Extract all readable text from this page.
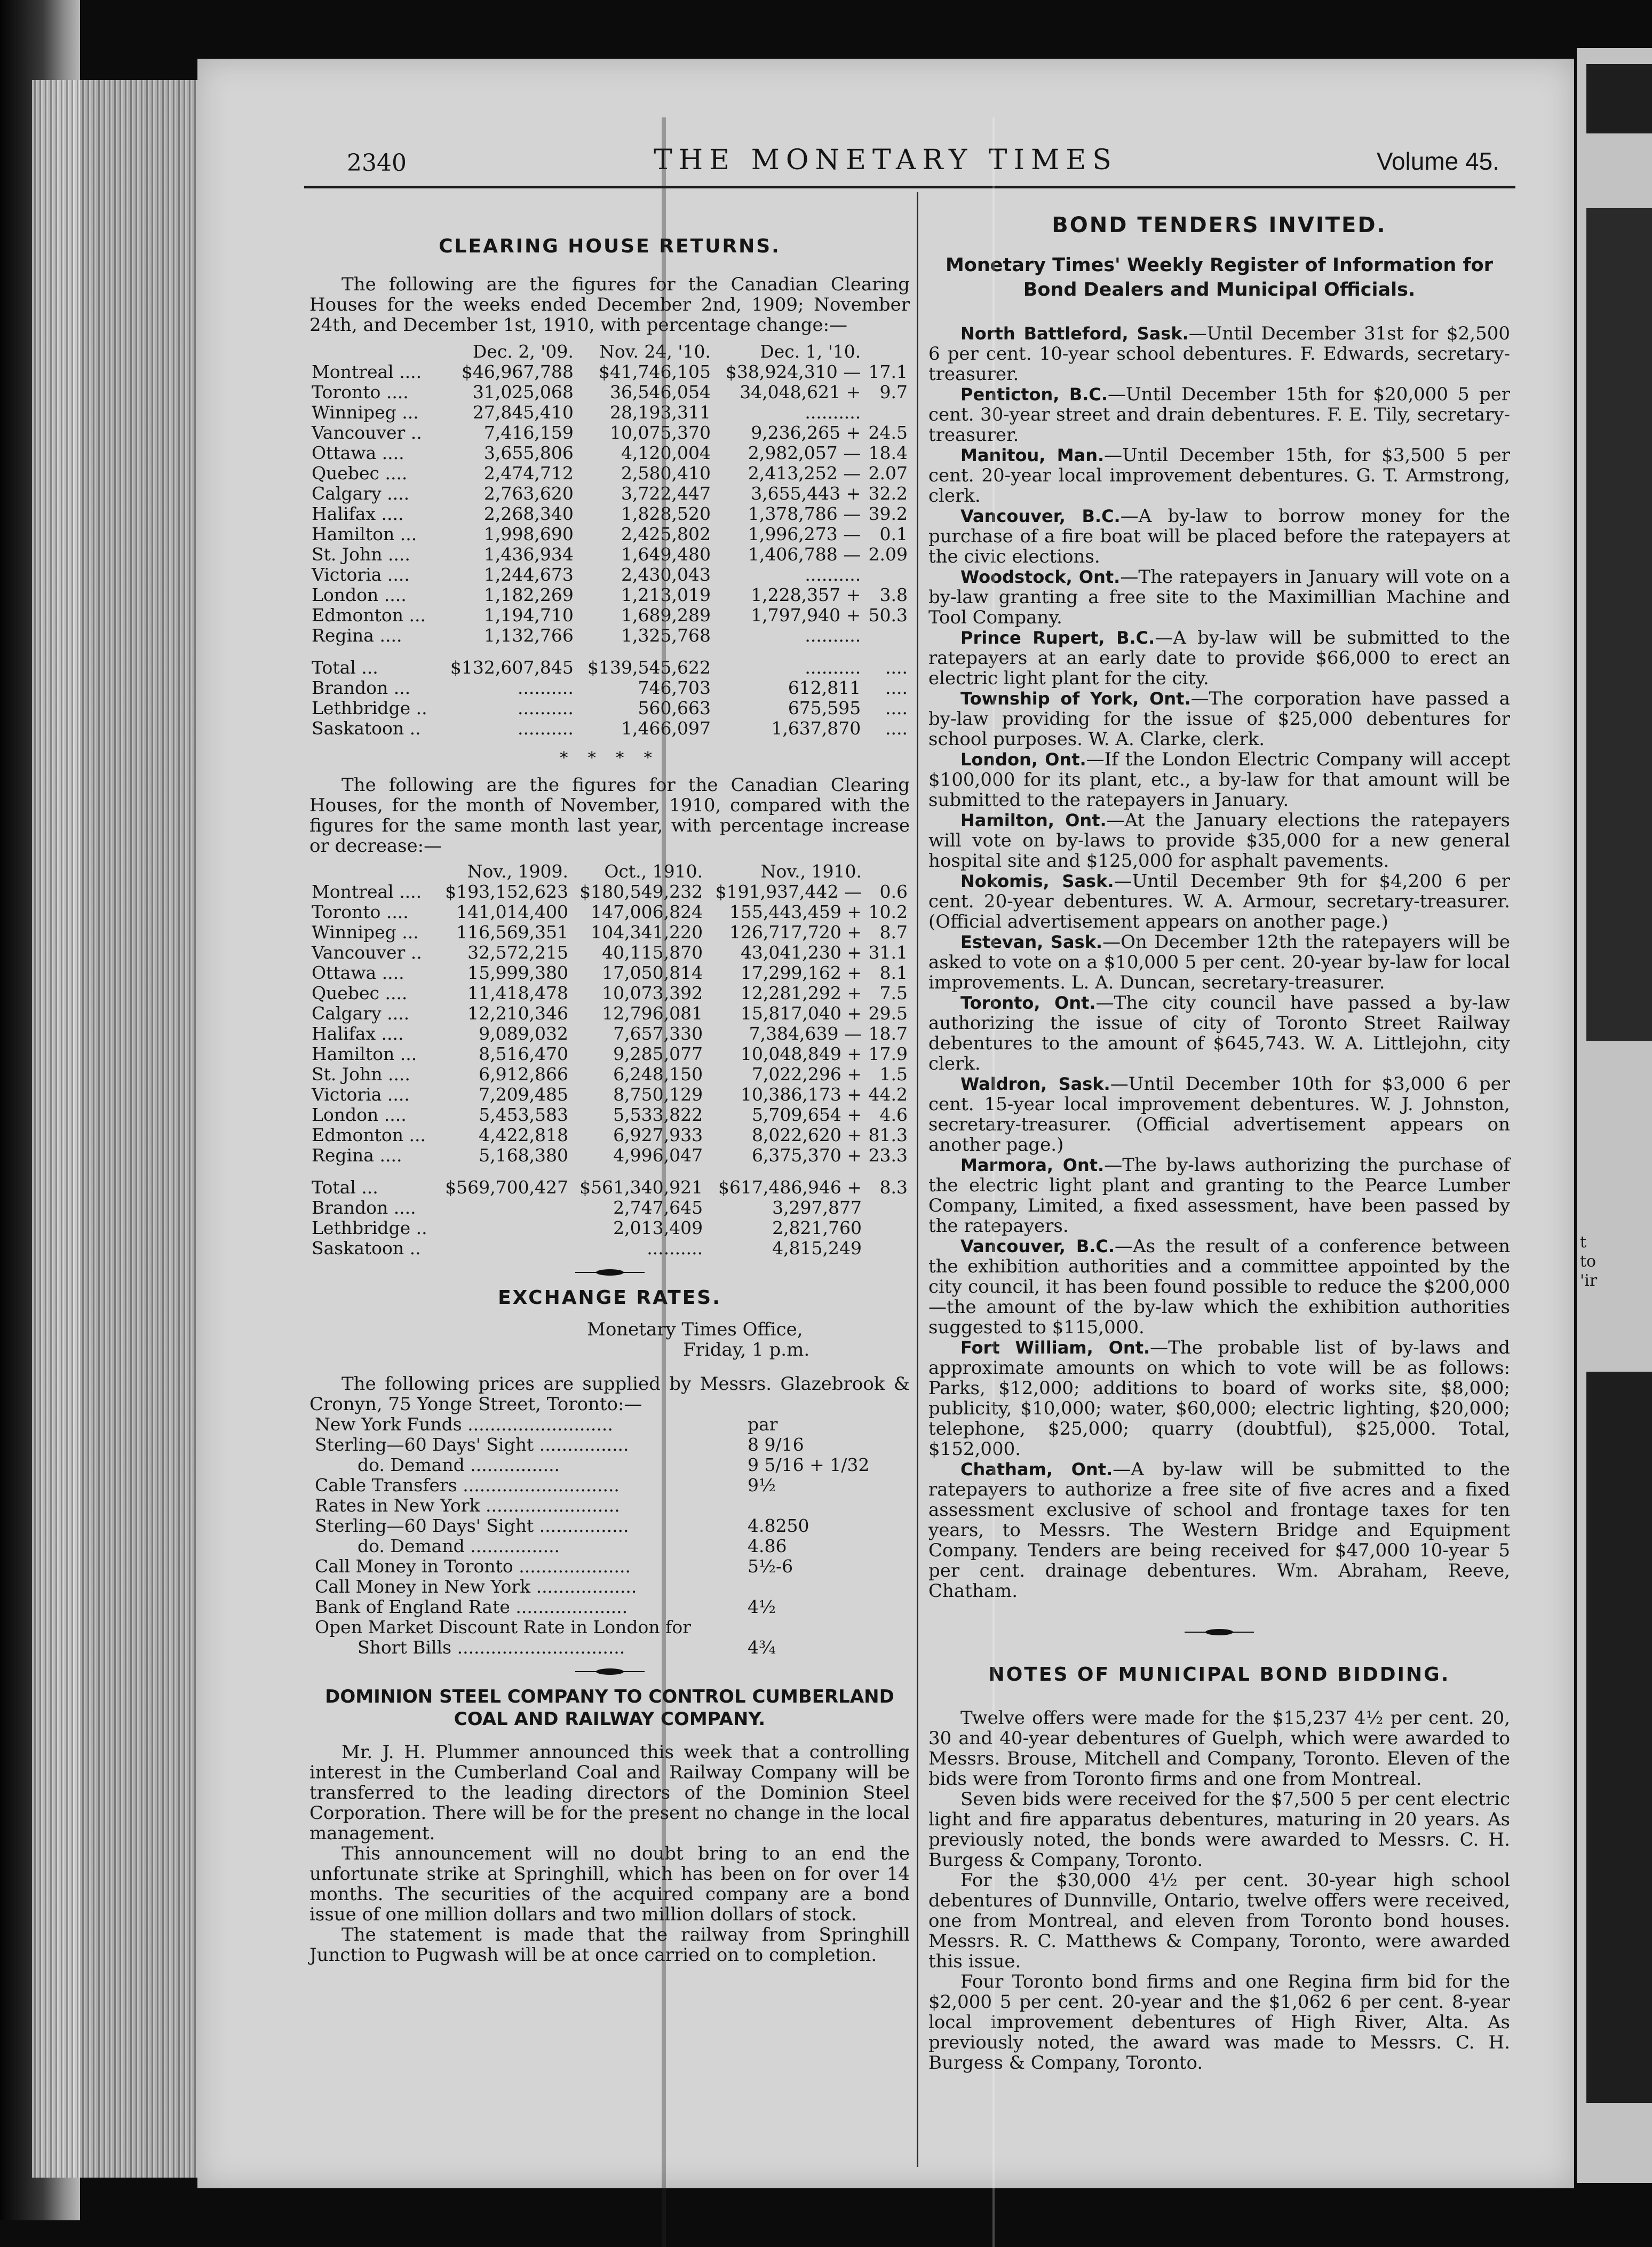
t
to
'ir
2340	THE MONETARY TIMES	Volume 45.
CLEARING HOUSE RETURNS.

The following are the figures for the Canadian Clearing Houses for the weeks ended December 2nd, 1909; November 24th, and December 1st, 1910, with percentage change:—

	Dec. 2, '09.	Nov. 24, '10.	Dec. 1, '10.	
Montreal ....	$46,967,788	$41,746,105	$38,924,310 —	17.1
Toronto ....	31,025,068	36,546,054	34,048,621 +	9.7
Winnipeg ...	27,845,410	28,193,311	..........	
Vancouver ..	7,416,159	10,075,370	9,236,265 +	24.5
Ottawa ....	3,655,806	4,120,004	2,982,057 —	18.4
Quebec ....	2,474,712	2,580,410	2,413,252 —	2.07
Calgary ....	2,763,620	3,722,447	3,655,443 +	32.2
Halifax ....	2,268,340	1,828,520	1,378,786 —	39.2
Hamilton ...	1,998,690	2,425,802	1,996,273 —	0.1
St. John ....	1,436,934	1,649,480	1,406,788 —	2.09
Victoria ....	1,244,673	2,430,043	..........	
London ....	1,182,269	1,213,019	1,228,357 +	3.8
Edmonton ...	1,194,710	1,689,289	1,797,940 +	50.3
Regina ....	1,132,766	1,325,768	..........	

Total ...	$132,607,845	$139,545,622	..........	....
Brandon ...	..........	746,703	612,811	....
Lethbridge ..	..........	560,663	675,595	....
Saskatoon ..	..........	1,466,097	1,637,870	....
* * * *

The following are the figures for the Canadian Clearing Houses, for the month of November, 1910, compared with the figures for the same month last year, with percentage increase or decrease:—

	Nov., 1909.	Oct., 1910.	Nov., 1910.	
Montreal ....	$193,152,623	$180,549,232	$191,937,442 —	0.6
Toronto ....	141,014,400	147,006,824	155,443,459 +	10.2
Winnipeg ...	116,569,351	104,341,220	126,717,720 +	8.7
Vancouver ..	32,572,215	40,115,870	43,041,230 +	31.1
Ottawa ....	15,999,380	17,050,814	17,299,162 +	8.1
Quebec ....	11,418,478	10,073,392	12,281,292 +	7.5
Calgary ....	12,210,346	12,796,081	15,817,040 +	29.5
Halifax ....	9,089,032	7,657,330	7,384,639 —	18.7
Hamilton ...	8,516,470	9,285,077	10,048,849 +	17.9
St. John ....	6,912,866	6,248,150	7,022,296 +	1.5
Victoria ....	7,209,485	8,750,129	10,386,173 +	44.2
London ....	5,453,583	5,533,822	5,709,654 +	4.6
Edmonton ...	4,422,818	6,927,933	8,022,620 +	81.3
Regina ....	5,168,380	4,996,047	6,375,370 +	23.3

Total ...	$569,700,427	$561,340,921	$617,486,946 +	8.3
Brandon ....		2,747,645	3,297,877	
Lethbridge ..		2,013,409	2,821,760	
Saskatoon ..		..........	4,815,249	
EXCHANGE RATES.
Monetary Times Office,
Friday, 1 p.m.

The following prices are supplied by Messrs. Glazebrook & Cronyn, 75 Yonge Street, Toronto:—

New York Funds ..........................	par
Sterling—60 Days' Sight ................	8 9/16
do. Demand ................	9 5/16 + 1/32
Cable Transfers ............................	9½
Rates in New York ........................	
Sterling—60 Days' Sight ................	4.8250
do. Demand ................	4.86
Call Money in Toronto ....................	5½-6
Call Money in New York ..................	
Bank of England Rate ....................	4½
Open Market Discount Rate in London for	
Short Bills ..............................	4¾
DOMINION STEEL COMPANY TO CONTROL CUMBERLAND COAL AND RAILWAY COMPANY.

Mr. J. H. Plummer announced this week that a controlling interest in the Cumberland Coal and Railway Company will be transferred to the leading directors of the Dominion Steel Corporation. There will be for the present no change in the local management.

This announcement will no doubt bring to an end the unfortunate strike at Springhill, which has been on for over 14 months. The securities of the acquired company are a bond issue of one million dollars and two million dollars of stock.

The statement is made that the railway from Springhill Junction to Pugwash will be at once carried on to completion.

BOND TENDERS INVITED.
Monetary Times' Weekly Register of Information for Bond Dealers and Municipal Officials.
North Battleford, Sask.—Until December 31st for $2,500 6 per cent. 10-year school debentures. F. Edwards, secretary-treasurer.
Penticton, B.C.—Until December 15th for $20,000 5 per cent. 30-year street and drain debentures. F. E. Tily, secretary-treasurer.
Manitou, Man.—Until December 15th, for $3,500 5 per cent. 20-year local improvement debentures. G. T. Armstrong, clerk.
Vancouver, B.C.—A by-law to borrow money for the purchase of a fire boat will be placed before the ratepayers at the civic elections.
Woodstock, Ont.—The ratepayers in January will vote on a by-law granting a free site to the Maximillian Machine and Tool Company.
Prince Rupert, B.C.—A by-law will be submitted to the ratepayers at an early date to provide $66,000 to erect an electric light plant for the city.
Township of York, Ont.—The corporation have passed a by-law providing for the issue of $25,000 debentures for school purposes. W. A. Clarke, clerk.
London, Ont.—If the London Electric Company will accept $100,000 for its plant, etc., a by-law for that amount will be submitted to the ratepayers in January.
Hamilton, Ont.—At the January elections the ratepayers will vote on by-laws to provide $35,000 for a new general hospital site and $125,000 for asphalt pavements.
Nokomis, Sask.—Until December 9th for $4,200 6 per cent. 20-year debentures. W. A. Armour, secretary-treasurer. (Official advertisement appears on another page.)
Estevan, Sask.—On December 12th the ratepayers will be asked to vote on a $10,000 5 per cent. 20-year by-law for local improvements. L. A. Duncan, secretary-treasurer.
Toronto, Ont.—The city council have passed a by-law authorizing the issue of city of Toronto Street Railway debentures to the amount of $645,743. W. A. Littlejohn, city clerk.
Waldron, Sask.—Until December 10th for $3,000 6 per cent. 15-year local improvement debentures. W. J. Johnston, secretary-treasurer. (Official advertisement appears on another page.)
Marmora, Ont.—The by-laws authorizing the purchase of the electric light plant and granting to the Pearce Lumber Company, Limited, a fixed assessment, have been passed by the ratepayers.
Vancouver, B.C.—As the result of a conference between the exhibition authorities and a committee appointed by the city council, it has been found possible to reduce the $200,000 —the amount of the by-law which the exhibition authorities suggested to $115,000.
Fort William, Ont.—The probable list of by-laws and approximate amounts on which to vote will be as follows: Parks, $12,000; additions to board of works site, $8,000; publicity, $10,000; water, $60,000; electric lighting, $20,000; telephone, $25,000; quarry (doubtful), $25,000. Total, $152,000.
Chatham, Ont.—A by-law will be submitted to the ratepayers to authorize a free site of five acres and a fixed assessment exclusive of school and frontage taxes for ten years, to Messrs. The Western Bridge and Equipment Company. Tenders are being received for $47,000 10-year 5 per cent. drainage debentures. Wm. Abraham, Reeve, Chatham.
NOTES OF MUNICIPAL BOND BIDDING.

Twelve offers were made for the $15,237 4½ per cent. 20, 30 and 40-year debentures of Guelph, which were awarded to Messrs. Brouse, Mitchell and Company, Toronto. Eleven of the bids were from Toronto firms and one from Montreal.

Seven bids were received for the $7,500 5 per cent electric light and fire apparatus debentures, maturing in 20 years. As previously noted, the bonds were awarded to Messrs. C. H. Burgess & Company, Toronto.

For the $30,000 4½ per cent. 30-year high school debentures of Dunnville, Ontario, twelve offers were received, one from Montreal, and eleven from Toronto bond houses. Messrs. R. C. Matthews & Company, Toronto, were awarded this issue.

Four Toronto bond firms and one Regina firm bid for the $2,000 5 per cent. 20-year and the $1,062 6 per cent. 8-year local improvement debentures of High River, Alta. As previously noted, the award was made to Messrs. C. H. Burgess & Company, Toronto.
